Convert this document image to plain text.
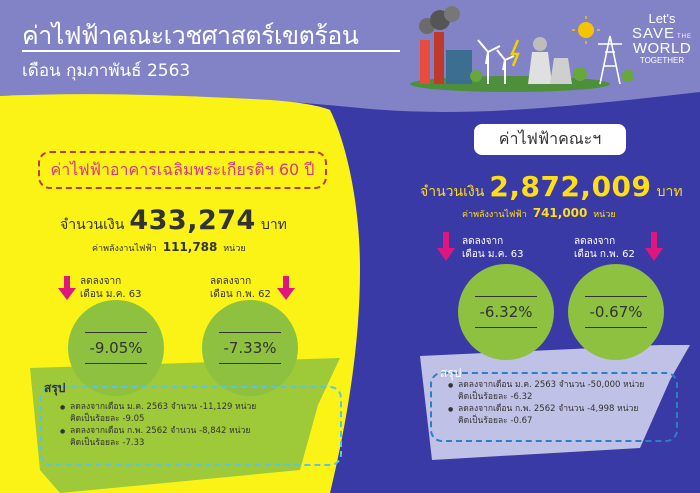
ค่าไฟฟ้าคณะเวชศาสตร์เขตร้อน
เดือน กุมภาพันธ์ 2563
Let's
SAVE THE
WORLD
TOGETHER
ค่าไฟฟ้าอาคารเฉลิมพระเกียรติฯ 60 ปี
จำนวนเงิน 433,274 บาท
ค่าพลังงานไฟฟ้า 111,788 หน่วย
ลดลงจาก
เดือน ม.ค. 63
ลดลงจาก
เดือน ก.พ. 62
-9.05%	-7.33%
สรุป
● ลดลงจากเดือน ม.ค. 2563 จำนวน -11,129 หน่วย
คิดเป็นร้อยละ -9.05
● ลดลงจากเดือน ก.พ. 2562 จำนวน -8,842 หน่วย
คิดเป็นร้อยละ -7.33
ค่าไฟฟ้าคณะฯ
จำนวนเงิน 2,872,009 บาท
ค่าพลังงานไฟฟ้า 741,000 หน่วย
ลดลงจาก
เดือน ม.ค. 63
ลดลงจาก
เดือน ก.พ. 62
-6.32%	-0.67%
สรุป
● ลดลงจากเดือน ม.ค. 2563 จำนวน -50,000 หน่วย
คิดเป็นร้อยละ -6.32
● ลดลงจากเดือน ก.พ. 2562 จำนวน -4,998 หน่วย
คิดเป็นร้อยละ -0.67
